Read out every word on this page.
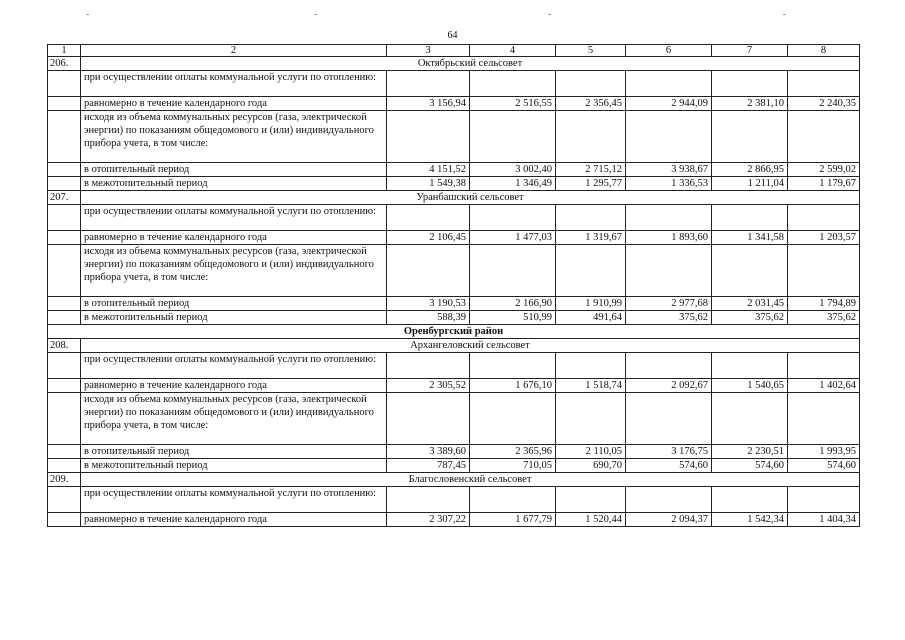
64
1	2	3	4	5	6	7	8
206.	Октябрьский сельсовет						
	при осуществлении оплаты коммунальной услуги по отоплению:						
	равномерно в течение календарного года	3 156,94	2 516,55	2 356,45	2 944,09	2 381,10	2 240,35
	исходя из объема коммунальных ресурсов (газа, электрической энергии) по показаниям общедомового и (или) индивидуального прибора учета, в том числе:						
	в отопительный период	4 151,52	3 002,40	2 715,12	3 938,67	2 866,95	2 599,02
	в межотопительный период	1 549,38	1 346,49	1 295,77	1 336,53	1 211,04	1 179,67
207.	Уранбашский сельсовет						
	при осуществлении оплаты коммунальной услуги по отоплению:						
	равномерно в течение календарного года	2 106,45	1 477,03	1 319,67	1 893,60	1 341,58	1 203,57
	исходя из объема коммунальных ресурсов (газа, электрической энергии) по показаниям общедомового и (или) индивидуального прибора учета, в том числе:						
	в отопительный период	3 190,53	2 166,90	1 910,99	2 977,68	2 031,45	1 794,89
	в межотопительный период	588,39	510,99	491,64	375,62	375,62	375,62
Оренбургский район							
208.	Архангеловский сельсовет						
	при осуществлении оплаты коммунальной услуги по отоплению:						
	равномерно в течение календарного года	2 305,52	1 676,10	1 518,74	2 092,67	1 540,65	1 402,64
	исходя из объема коммунальных ресурсов (газа, электрической энергии) по показаниям общедомового и (или) индивидуального прибора учета, в том числе:						
	в отопительный период	3 389,60	2 365,96	2 110,05	3 176,75	2 230,51	1 993,95
	в межотопительный период	787,45	710,05	690,70	574,60	574,60	574,60
209.	Благословенский сельсовет						
	при осуществлении оплаты коммунальной услуги по отоплению:						
	равномерно в течение календарного года	2 307,22	1 677,79	1 520,44	2 094,37	1 542,34	1 404,34
